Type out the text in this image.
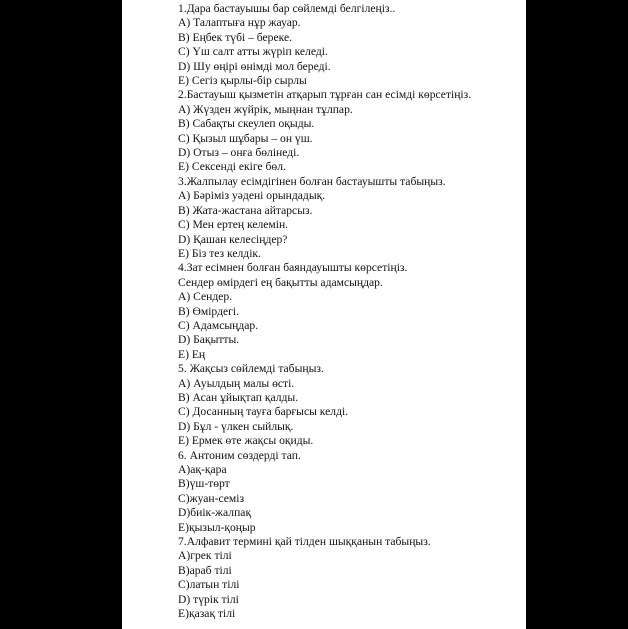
1.Дара бастауышы бар сөйлемді белгілеңіз..
A) Талаптыға нұр жауар.
B) Еңбек түбі – береке.
C) Үш салт атты жүріп келеді.
D) Шу өңірі өнімді мол береді.
E) Сегіз қырлы-бір сырлы
2.Бастауыш қызметін атқарып тұрған сан есімді көрсетіңіз.
A) Жүзден жүйрік, мыңнан тұлпар.
B) Сабақты скеулеп оқыды.
C) Қызыл шұбары – он үш.
D) Отыз – онға бөлінеді.
E) Сексенді екіге бөл.
3.Жалпылау есімдігінен болған бастауышты табыңыз.
A) Бәріміз уәдені орындадық.
B) Жата-жастана айтарсыз.
C) Мен ертең келемін.
D) Қашан келесіңдер?
E) Біз тез келдік.
4.Зат есімнен болған баяндауышты көрсетіңіз.
Сендер өмірдегі ең бақытты адамсыңдар.
A) Сендер.
B) Өмірдегі.
C) Адамсыңдар.
D) Бақытты.
E) Ең
5. Жақсыз сөйлемді табыңыз.
A) Ауылдың малы өсті.
B) Асан ұйықтап қалды.
C) Досанның тауға барғысы келді.
D) Бұл - үлкен сыйлық.
E) Ермек өте жақсы оқиды.
6. Антоним сөздерді тап.
A)ақ-қара
B)үш-төрт
C)жуан-семіз
D)биік-жалпақ
E)қызыл-қоңыр
7.Алфавит термині қай тілден шыққанын табыңыз.
A)грек тілі
B)араб тілі
C)латын тілі
D) түрік тілі
E)қазақ тілі
